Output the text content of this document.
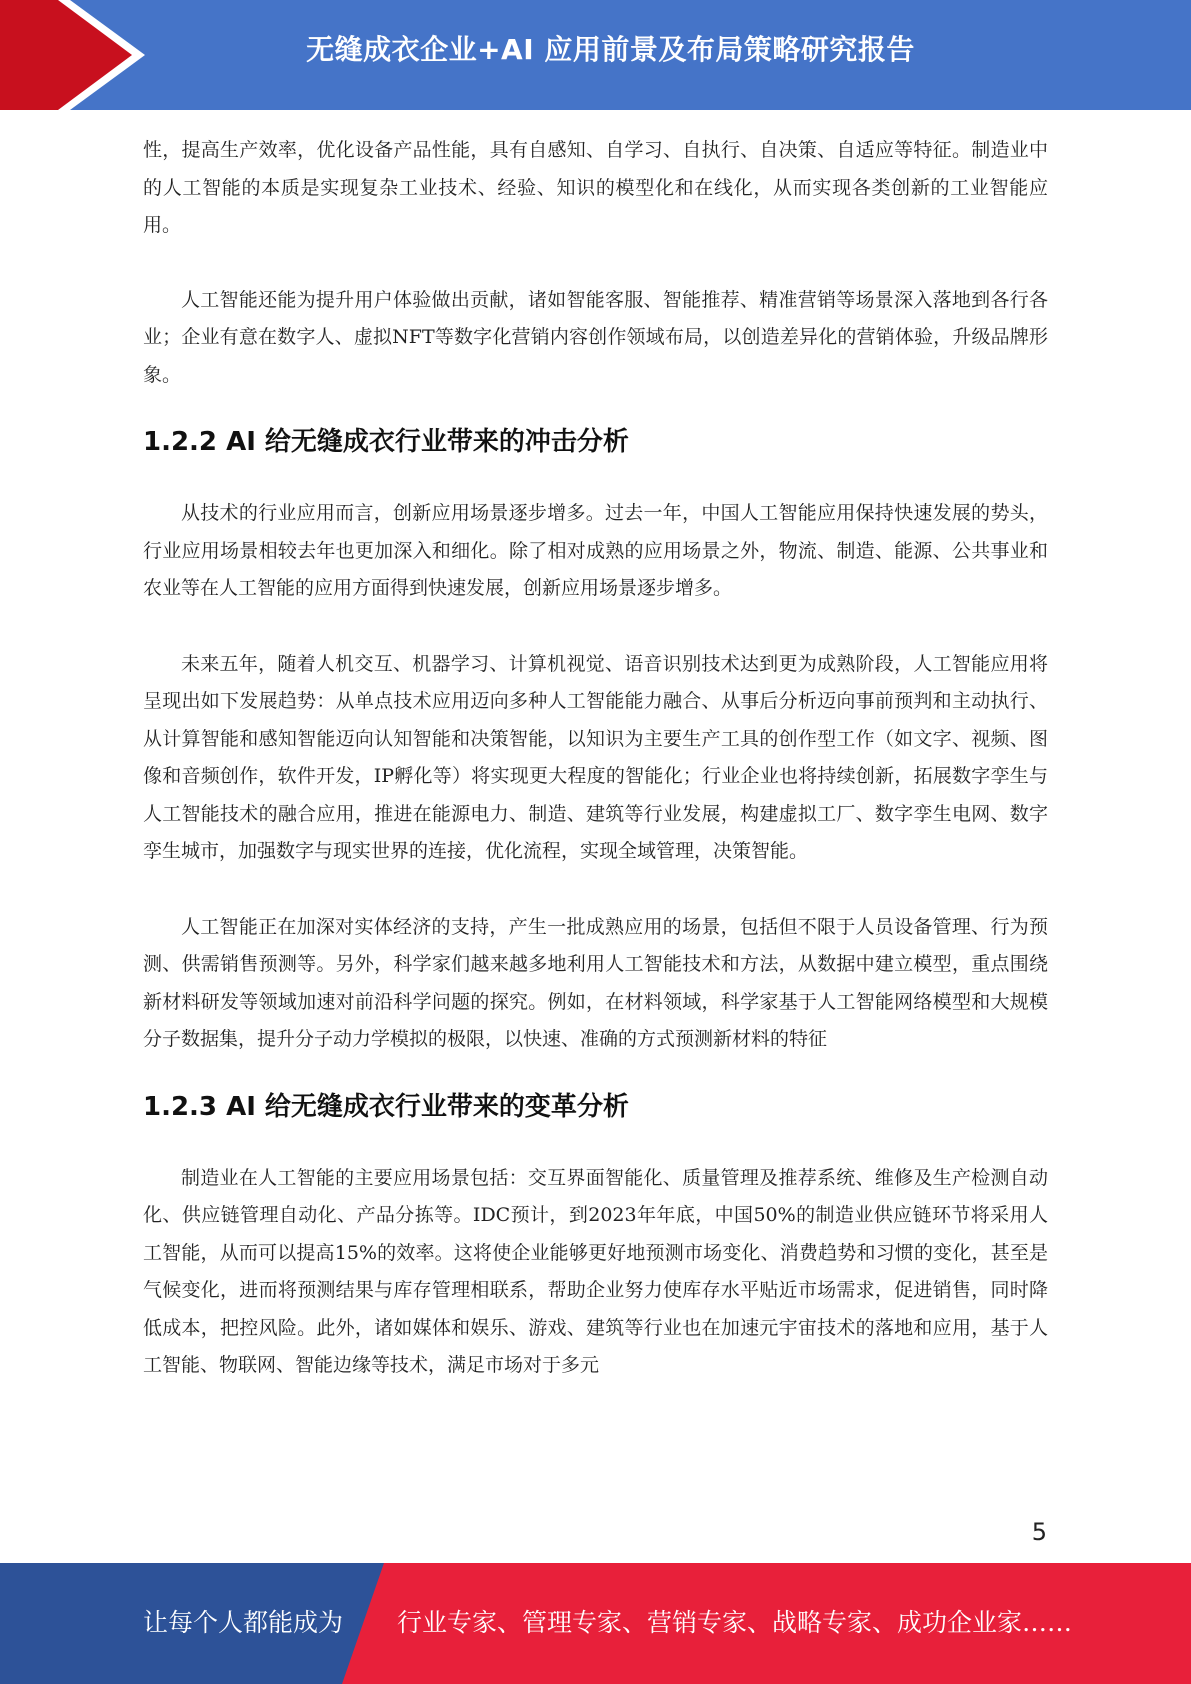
无缝成衣企业+AI 应用前景及布局策略研究报告

性，提高生产效率，优化设备产品性能，具有自感知、自学习、自执行、自决策、自适应等特征。制造业中的人工智能的本质是实现复杂工业技术、经验、知识的模型化和在线化，从而实现各类创新的工业智能应用。

人工智能还能为提升用户体验做出贡献，诸如智能客服、智能推荐、精准营销等场景深入落地到各行各业；企业有意在数字人、虚拟NFT等数字化营销内容创作领域布局，以创造差异化的营销体验，升级品牌形象。

1.2.2 AI 给无缝成衣行业带来的冲击分析

从技术的行业应用而言，创新应用场景逐步增多。过去一年，中国人工智能应用保持快速发展的势头，行业应用场景相较去年也更加深入和细化。除了相对成熟的应用场景之外，物流、制造、能源、公共事业和农业等在人工智能的应用方面得到快速发展，创新应用场景逐步增多。

未来五年，随着人机交互、机器学习、计算机视觉、语音识别技术达到更为成熟阶段，人工智能应用将呈现出如下发展趋势：从单点技术应用迈向多种人工智能能力融合、从事后分析迈向事前预判和主动执行、从计算智能和感知智能迈向认知智能和决策智能，以知识为主要生产工具的创作型工作（如文字、视频、图像和音频创作，软件开发，IP孵化等）将实现更大程度的智能化；行业企业也将持续创新，拓展数字孪生与人工智能技术的融合应用，推进在能源电力、制造、建筑等行业发展，构建虚拟工厂、数字孪生电网、数字孪生城市，加强数字与现实世界的连接，优化流程，实现全域管理，决策智能。

人工智能正在加深对实体经济的支持，产生一批成熟应用的场景，包括但不限于人员设备管理、行为预测、供需销售预测等。另外，科学家们越来越多地利用人工智能技术和方法，从数据中建立模型，重点围绕新材料研发等领域加速对前沿科学问题的探究。例如，在材料领域，科学家基于人工智能网络模型和大规模分子数据集，提升分子动力学模拟的极限，以快速、准确的方式预测新材料的特征

1.2.3 AI 给无缝成衣行业带来的变革分析

制造业在人工智能的主要应用场景包括：交互界面智能化、质量管理及推荐系统、维修及生产检测自动化、供应链管理自动化、产品分拣等。IDC预计，到2023年年底，中国50%的制造业供应链环节将采用人工智能，从而可以提高15%的效率。这将使企业能够更好地预测市场变化、消费趋势和习惯的变化，甚至是气候变化，进而将预测结果与库存管理相联系，帮助企业努力使库存水平贴近市场需求，促进销售，同时降低成本，把控风险。此外，诸如媒体和娱乐、游戏、建筑等行业也在加速元宇宙技术的落地和应用，基于人工智能、物联网、智能边缘等技术，满足市场对于多元

5
让每个人都能成为 行业专家、管理专家、营销专家、战略专家、成功企业家……
